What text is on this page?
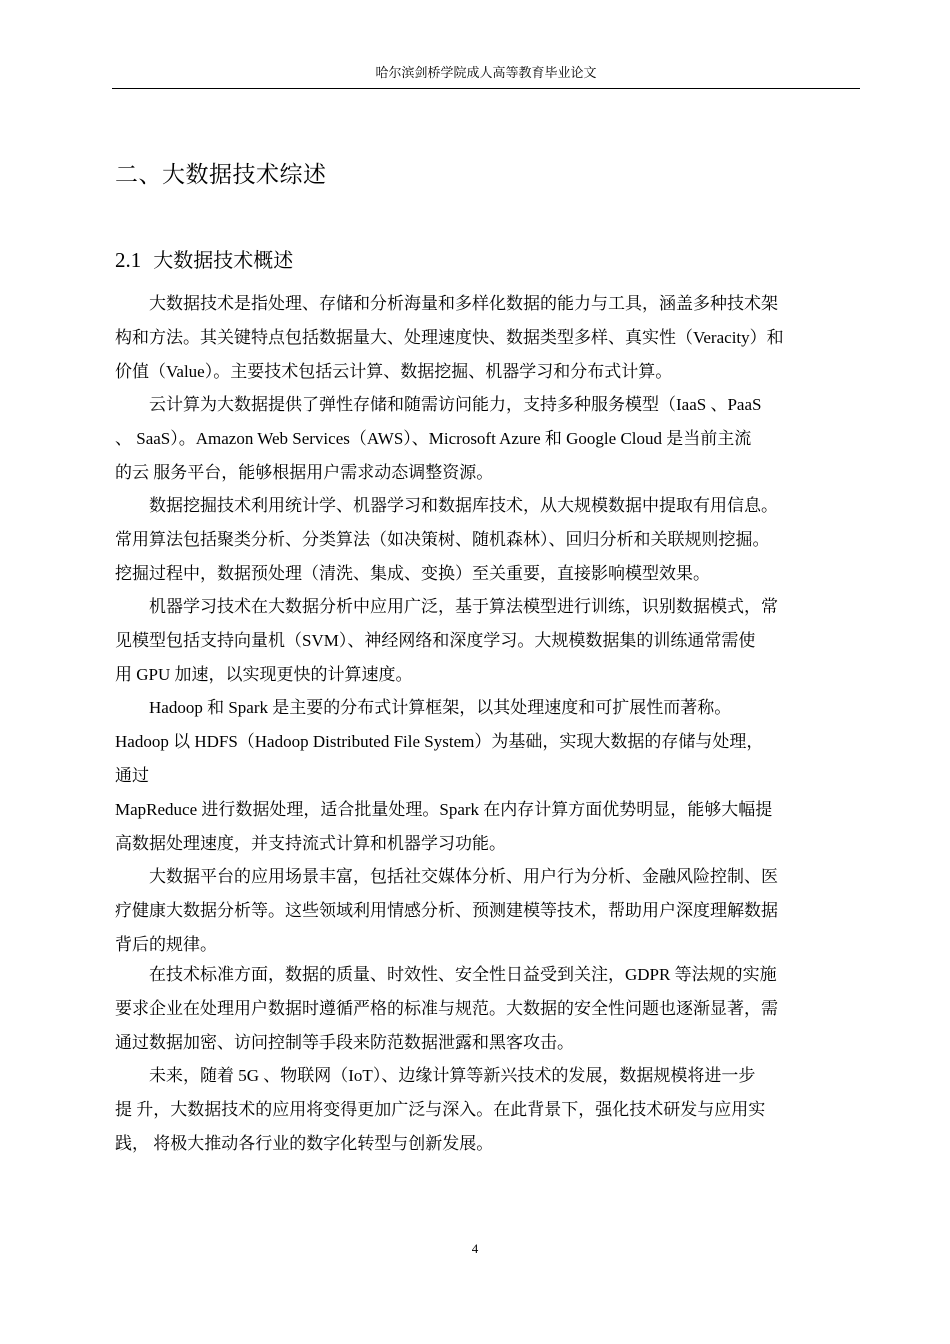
哈尔滨剑桥学院成人高等教育毕业论文
二、大数据技术综述
2.1 大数据技术概述
　　大数据技术是指处理、存储和分析海量和多样化数据的能力与工具，涵盖多种技术架
构和方法。其关键特点包括数据量大、处理速度快、数据类型多样、真实性（Veracity）和
价值（Value）。主要技术包括云计算、数据挖掘、机器学习和分布式计算。
　　云计算为大数据提供了弹性存储和随需访问能力，支持多种服务模型（IaaS 、PaaS
、 SaaS）。Amazon Web Services（AWS）、Microsoft Azure 和 Google Cloud 是当前主流
的云 服务平台，能够根据用户需求动态调整资源。
　　数据挖掘技术利用统计学、机器学习和数据库技术，从大规模数据中提取有用信息。
常用算法包括聚类分析、分类算法（如决策树、随机森林）、回归分析和关联规则挖掘。
挖掘过程中，数据预处理（清洗、集成、变换）至关重要，直接影响模型效果。
　　机器学习技术在大数据分析中应用广泛，基于算法模型进行训练，识别数据模式，常
见模型包括支持向量机（SVM）、神经网络和深度学习。大规模数据集的训练通常需使
用 GPU 加速，以实现更快的计算速度。
　　Hadoop 和 Spark 是主要的分布式计算框架，以其处理速度和可扩展性而著称。
Hadoop 以 HDFS（Hadoop Distributed File System）为基础，实现大数据的存储与处理，
通过
MapReduce 进行数据处理，适合批量处理。Spark 在内存计算方面优势明显，能够大幅提
高数据处理速度，并支持流式计算和机器学习功能。
　　大数据平台的应用场景丰富，包括社交媒体分析、用户行为分析、金融风险控制、医
疗健康大数据分析等。这些领域利用情感分析、预测建模等技术，帮助用户深度理解数据
背后的规律。
　　在技术标准方面，数据的质量、时效性、安全性日益受到关注，GDPR 等法规的实施
要求企业在处理用户数据时遵循严格的标准与规范。大数据的安全性问题也逐渐显著，需
通过数据加密、访问控制等手段来防范数据泄露和黑客攻击。
　　未来，随着 5G 、物联网（IoT）、边缘计算等新兴技术的发展，数据规模将进一步
提 升，大数据技术的应用将变得更加广泛与深入。在此背景下，强化技术研发与应用实
践， 将极大推动各行业的数字化转型与创新发展。
4
